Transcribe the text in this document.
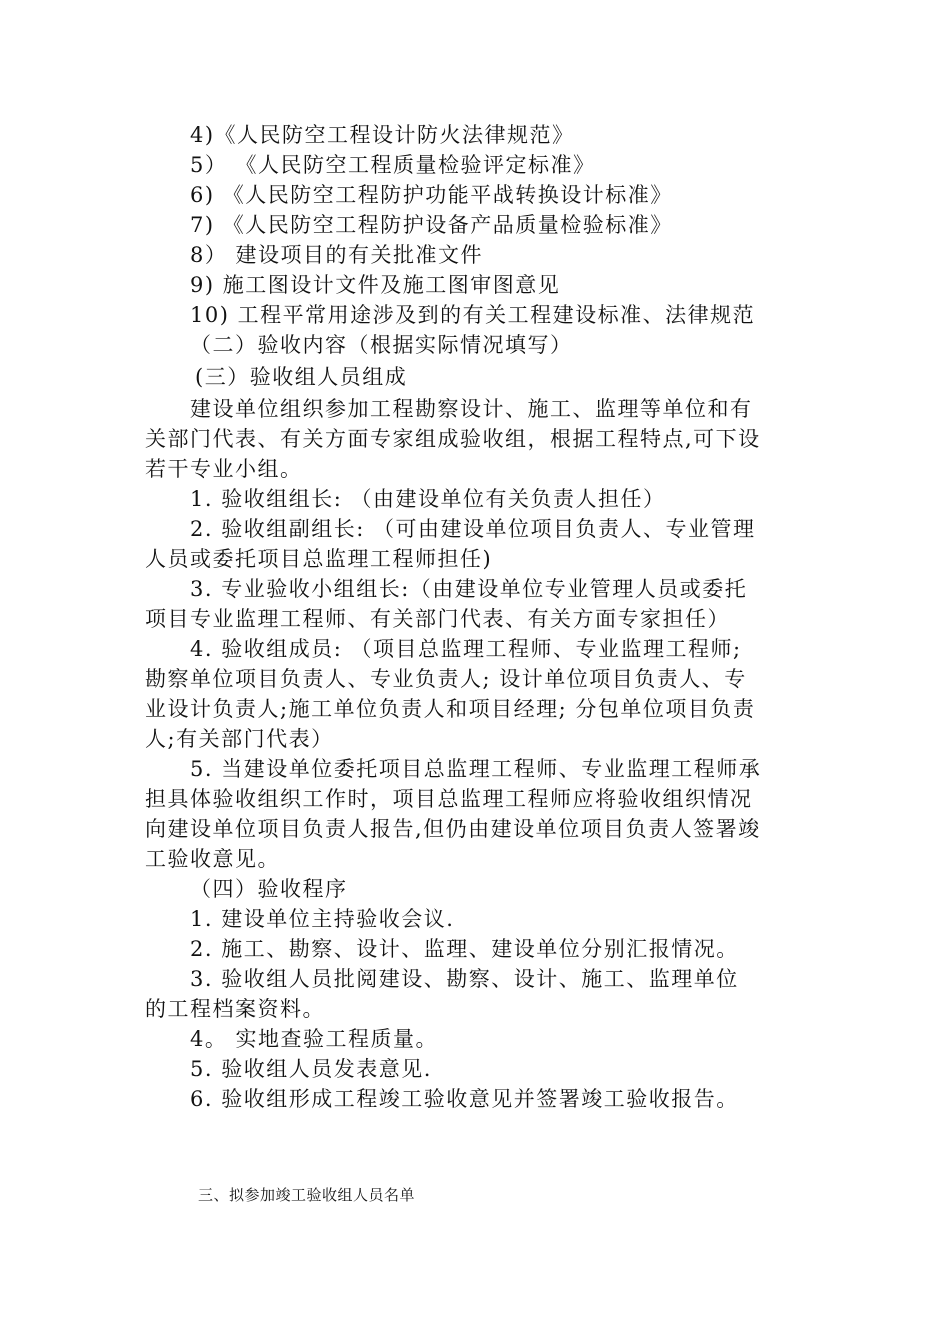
4)《人民防空工程设计防火法律规范》
5） 《人民防空工程质量检验评定标准》
6) 《人民防空工程防护功能平战转换设计标准》
7) 《人民防空工程防护设备产品质量检验标准》
8） 建设项目的有关批准文件
9) 施工图设计文件及施工图审图意见
10) 工程平常用途涉及到的有关工程建设标准、法律规范
（二）验收内容（根据实际情况填写）
(三）验收组人员组成
建设单位组织参加工程勘察设计、施工、监理等单位和有
关部门代表、有关方面专家组成验收组，根据工程特点,可下设
若干专业小组。
1. 验收组组长: （由建设单位有关负责人担任）
2. 验收组副组长: （可由建设单位项目负责人、专业管理
人员或委托项目总监理工程师担任)
3. 专业验收小组组长:（由建设单位专业管理人员或委托
项目专业监理工程师、有关部门代表、有关方面专家担任）
4. 验收组成员: （项目总监理工程师、专业监理工程师;
勘察单位项目负责人、专业负责人; 设计单位项目负责人、专
业设计负责人;施工单位负责人和项目经理; 分包单位项目负责
人;有关部门代表）
5. 当建设单位委托项目总监理工程师、专业监理工程师承
担具体验收组织工作时，项目总监理工程师应将验收组织情况
向建设单位项目负责人报告,但仍由建设单位项目负责人签署竣
工验收意见。
（四）验收程序
1. 建设单位主持验收会议.
2. 施工、勘察、设计、监理、建设单位分别汇报情况。
3. 验收组人员批阅建设、勘察、设计、施工、监理单位
的工程档案资料。
4。 实地查验工程质量。
5. 验收组人员发表意见.
6. 验收组形成工程竣工验收意见并签署竣工验收报告。
三、拟参加竣工验收组人员名单
